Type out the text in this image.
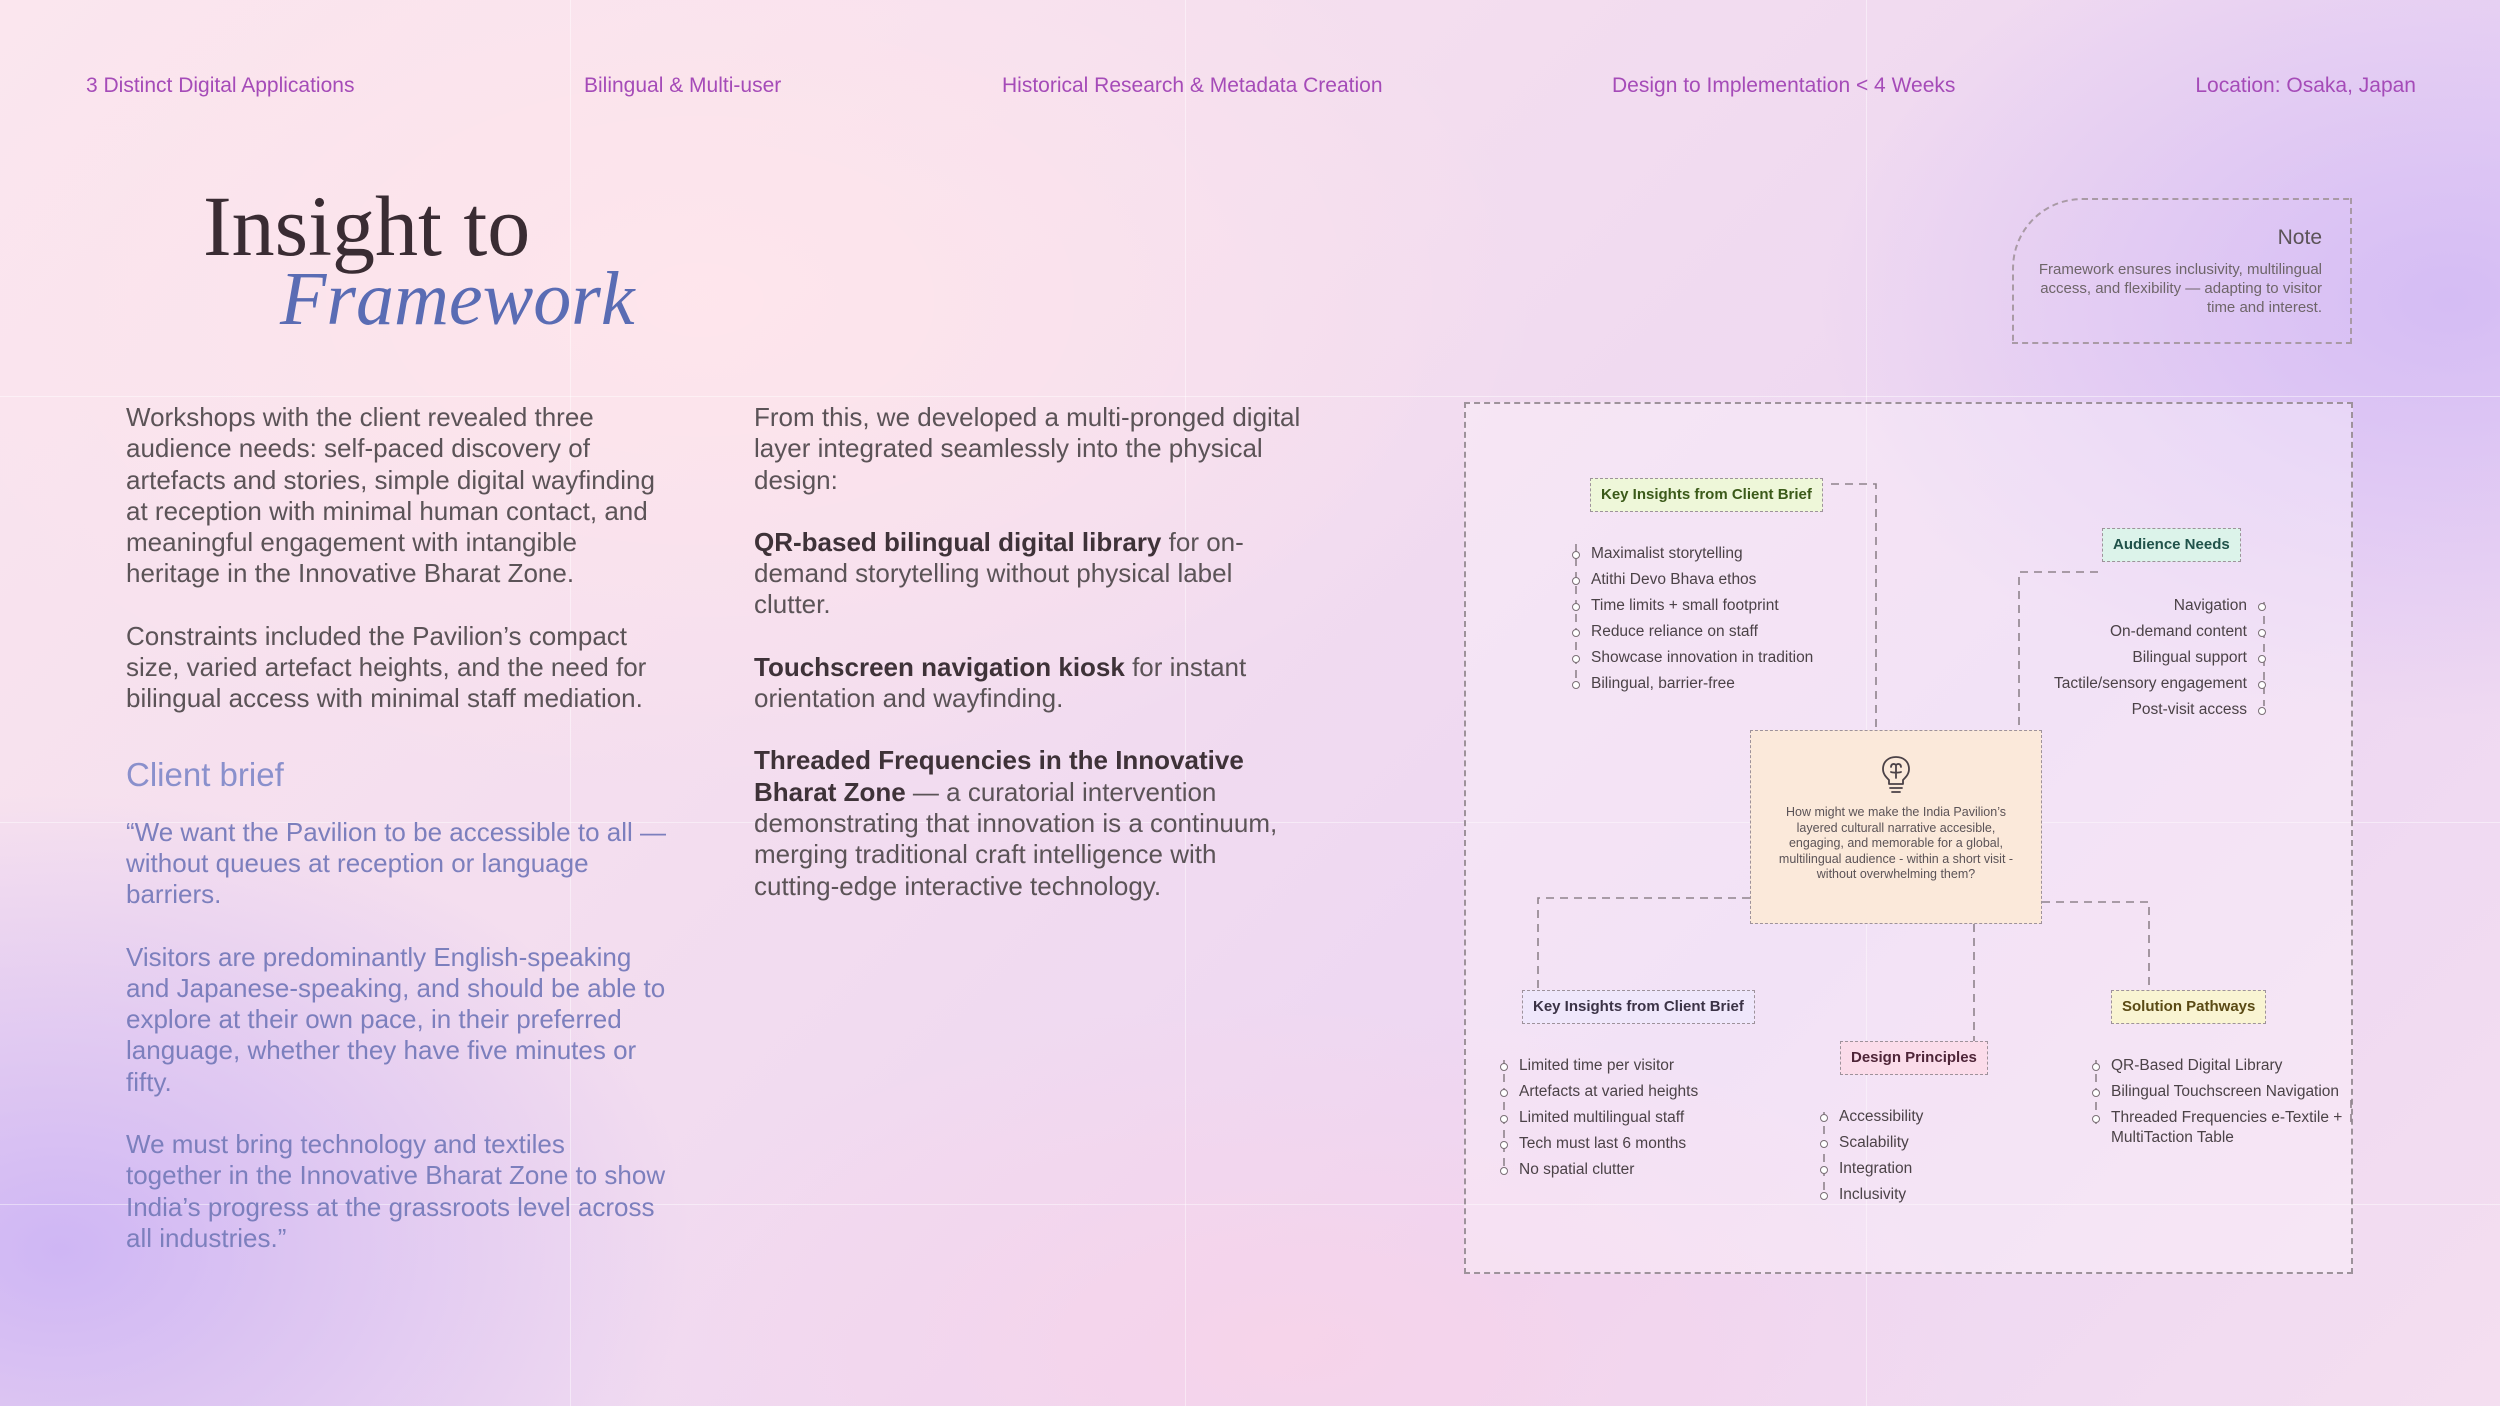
3 Distinct Digital Applications	Bilingual & Multi-user	Historical Research & Metadata Creation	Design to Implementation < 4 Weeks	Location: Osaka, Japan
Insight to
Framework

Workshops with the client revealed three audience needs: self-paced discovery of artefacts and stories, simple digital wayfinding at reception with minimal human contact, and meaningful engagement with intangible heritage in the Innovative Bharat Zone.

Constraints included the Pavilion’s compact size, varied artefact heights, and the need for bilingual access with minimal staff mediation.

Client brief

“We want the Pavilion to be accessible to all — without queues at reception or language barriers.

Visitors are predominantly English-speaking and Japanese-speaking, and should be able to explore at their own pace, in their preferred language, whether they have five minutes or fifty.

We must bring technology and textiles together in the Innovative Bharat Zone to show India’s progress at the grassroots level across all industries.”

From this, we developed a multi-pronged digital layer integrated seamlessly into the physical design:

QR-based bilingual digital library for on-demand storytelling without physical label clutter.

Touchscreen navigation kiosk for instant orientation and wayfinding.

Threaded Frequencies in the Innovative Bharat Zone — a curatorial intervention demonstrating that innovation is a continuum, merging traditional craft intelligence with cutting-edge interactive technology.

Note
Framework ensures inclusivity, multilingual access, and flexibility — adapting to visitor time and interest.
Key Insights from Client Brief
Maximalist storytelling
Atithi Devo Bhava ethos
Time limits + small footprint
Reduce reliance on staff
Showcase innovation in tradition
Bilingual, barrier-free
Audience Needs
Navigation
On-demand content
Bilingual support
Tactile/sensory engagement
Post-visit access
How might we make the India Pavilion’s layered culturall narrative accesible, engaging, and memorable for a global, multilingual audience - within a short visit - without overwhelming them?
Key Insights from Client Brief
Limited time per visitor
Artefacts at varied heights
Limited multilingual staff
Tech must last 6 months
No spatial clutter
Design Principles
Accessibility
Scalability
Integration
Inclusivity
Solution Pathways
QR-Based Digital Library
Bilingual Touchscreen Navigation
Threaded Frequencies e-Textile +
MultiTaction Table
